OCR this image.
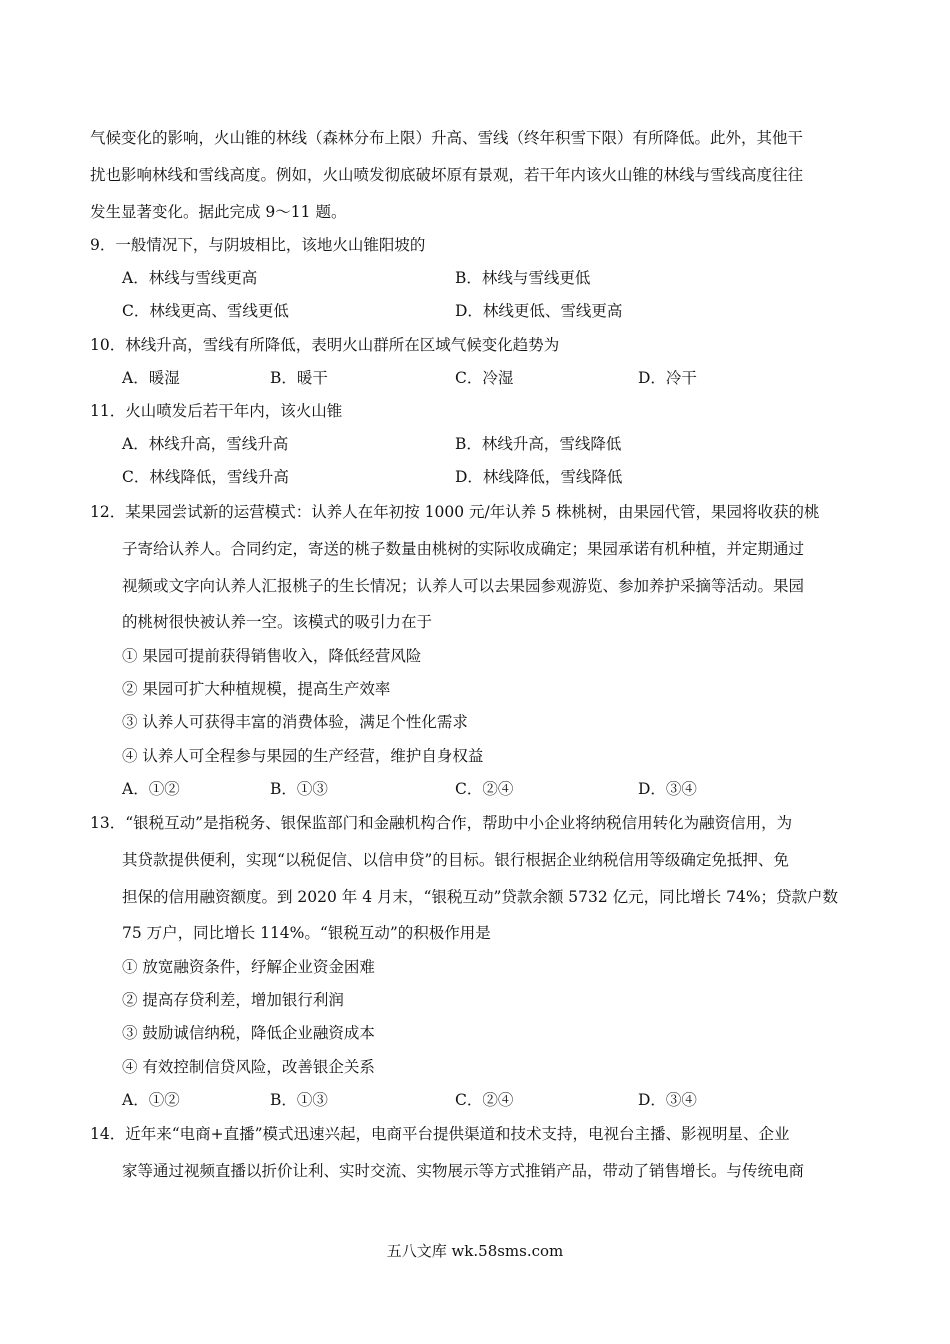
气候变化的影响，火山锥的林线（森林分布上限）升高、雪线（终年积雪下限）有所降低。此外，其他干
扰也影响林线和雪线高度。例如，火山喷发彻底破坏原有景观，若干年内该火山锥的林线与雪线高度往往
发生显著变化。据此完成 9～11 题。
9．一般情况下，与阴坡相比，该地火山锥阳坡的
A．林线与雪线更高	B．林线与雪线更低
C．林线更高、雪线更低	D．林线更低、雪线更高
10．林线升高，雪线有所降低，表明火山群所在区域气候变化趋势为
A．暖湿	B．暖干	C．冷湿	D．冷干
11．火山喷发后若干年内，该火山锥
A．林线升高，雪线升高	B．林线升高，雪线降低
C．林线降低，雪线升高	D．林线降低，雪线降低
12．某果园尝试新的运营模式：认养人在年初按 1000 元/年认养 5 株桃树，由果园代管，果园将收获的桃
子寄给认养人。合同约定，寄送的桃子数量由桃树的实际收成确定；果园承诺有机种植，并定期通过
视频或文字向认养人汇报桃子的生长情况；认养人可以去果园参观游览、参加养护采摘等活动。果园
的桃树很快被认养一空。该模式的吸引力在于
① 果园可提前获得销售收入，降低经营风险
② 果园可扩大种植规模，提高生产效率
③ 认养人可获得丰富的消费体验，满足个性化需求
④ 认养人可全程参与果园的生产经营，维护自身权益
A．①②	B．①③	C．②④	D．③④
13．“银税互动”是指税务、银保监部门和金融机构合作，帮助中小企业将纳税信用转化为融资信用，为
其贷款提供便利，实现“以税促信、以信申贷”的目标。银行根据企业纳税信用等级确定免抵押、免
担保的信用融资额度。到 2020 年 4 月末，“银税互动”贷款余额 5732 亿元，同比增长 74%；贷款户数
75 万户，同比增长 114%。“银税互动”的积极作用是
① 放宽融资条件，纾解企业资金困难
② 提高存贷利差，增加银行利润
③ 鼓励诚信纳税，降低企业融资成本
④ 有效控制信贷风险，改善银企关系
A．①②	B．①③	C．②④	D．③④
14．近年来“电商+直播”模式迅速兴起，电商平台提供渠道和技术支持，电视台主播、影视明星、企业
家等通过视频直播以折价让利、实时交流、实物展示等方式推销产品，带动了销售增长。与传统电商
五八文库 wk.58sms.com
